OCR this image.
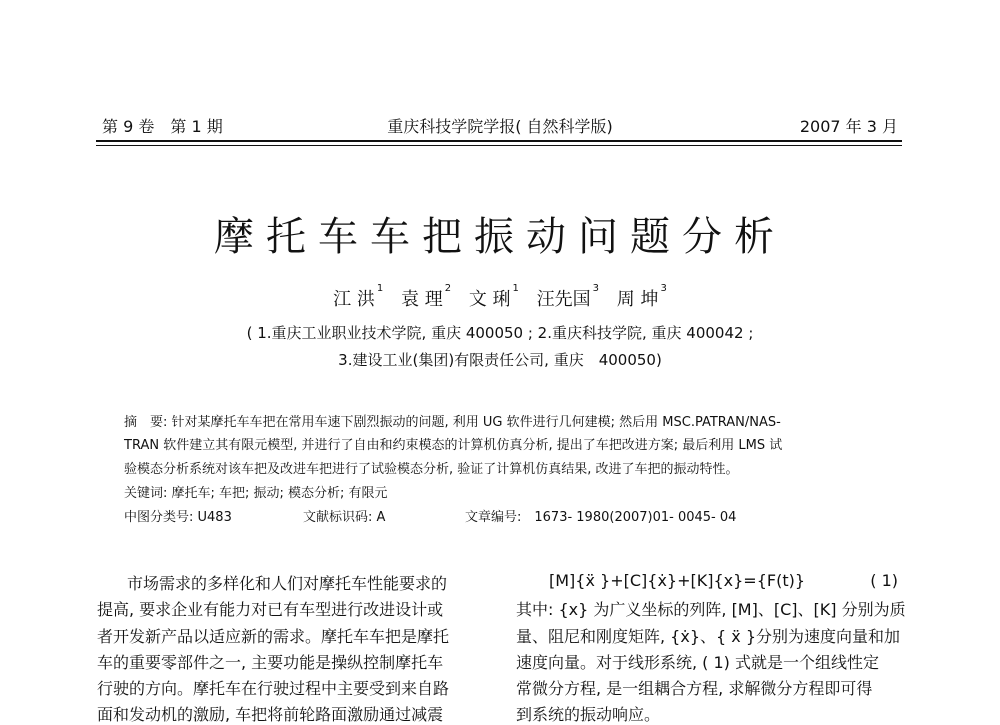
第 9 卷　第 1 期	重庆科技学院学报( 自然科学版)	2007 年 3 月
摩托车车把振动问题分析
江 洪$^1$ 袁 理$^2$ 文 琍$^1$ 汪先国$^3$ 周 坤$^3$
( 1.重庆工业职业技术学院, 重庆 400050 ; 2.重庆科技学院, 重庆 400042 ;
3.建设工业(集团)有限责任公司, 重庆　400050)
摘　要: 针对某摩托车车把在常用车速下剧烈振动的问题, 利用 UG 软件进行几何建模; 然后用 MSC.PATRAN/NAS-
TRAN 软件建立其有限元模型, 并进行了自由和约束模态的计算机仿真分析, 提出了车把改进方案; 最后利用 LMS 试
验模态分析系统对该车把及改进车把进行了试验模态分析, 验证了计算机仿真结果, 改进了车把的振动特性。
关键词: 摩托车; 车把; 振动; 模态分析; 有限元
中图分类号: U483	文献标识码: A	文章编号:　1673- 1980(2007)01- 0045- 04
市场需求的多样化和人们对摩托车性能要求的
提高, 要求企业有能力对已有车型进行改进设计或
者开发新产品以适应新的需求。摩托车车把是摩托
车的重要零部件之一, 主要功能是操纵控制摩托车
行驶的方向。摩托车在行驶过程中主要受到来自路
面和发动机的激励, 车把将前轮路面激励通过减震
[M]{ẍ }+[C]{ẋ}+[K]{x}={F(t)}	( 1)
其中: {x} 为广义坐标的列阵, [M]、[C]、[K] 分别为质
量、阻尼和刚度矩阵, {ẋ}、{ ẍ }分别为速度向量和加
速度向量。对于线形系统, ( 1) 式就是一个组线性定
常微分方程, 是一组耦合方程, 求解微分方程即可得
到系统的振动响应。
